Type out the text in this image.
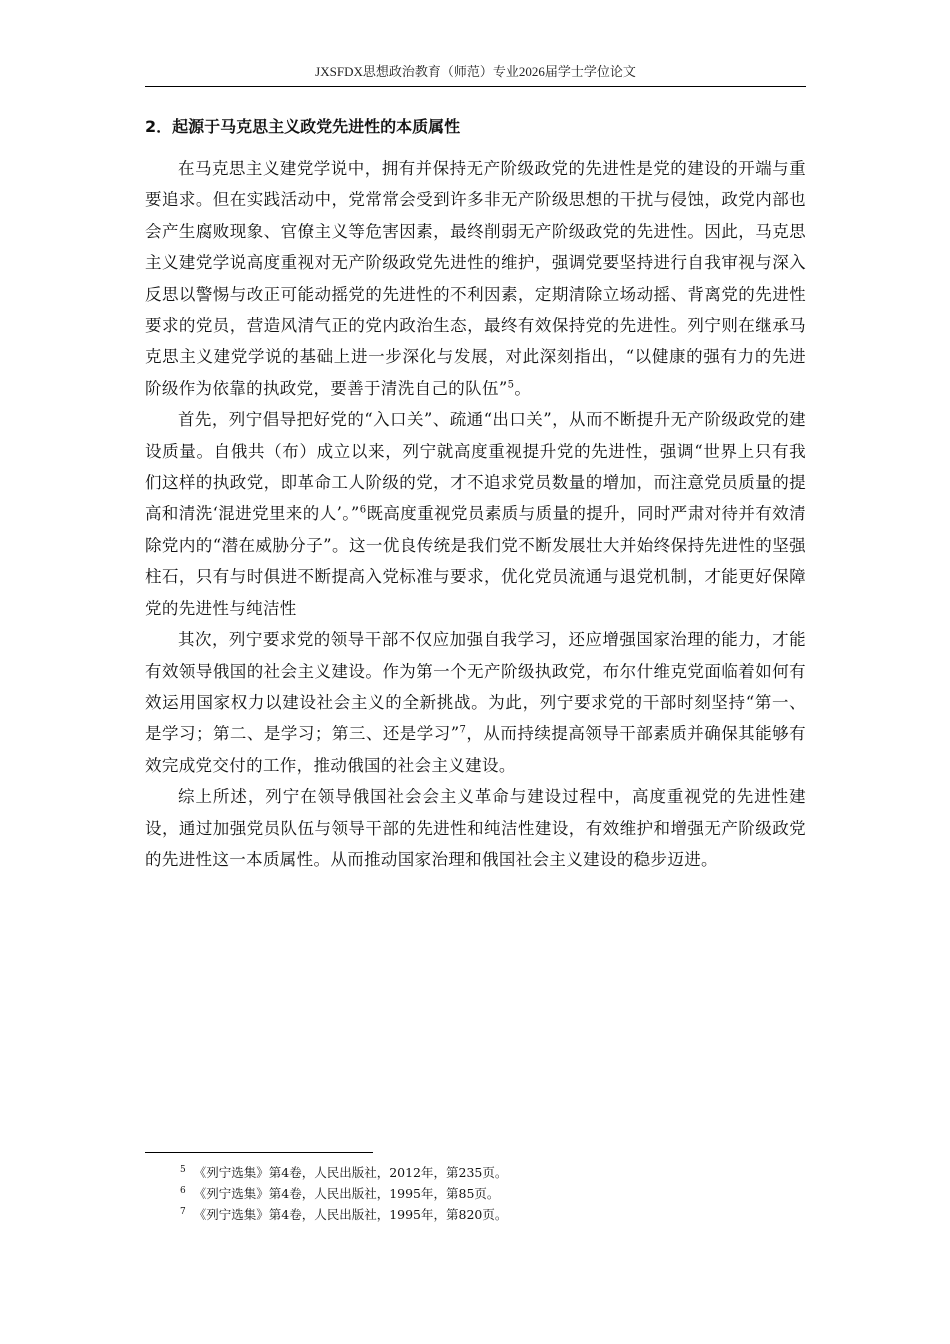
JXSFDX思想政治教育（师范）专业2026届学士学位论文
2．起源于马克思主义政党先进性的本质属性

在马克思主义建党学说中，拥有并保持无产阶级政党的先进性是党的建设的开端与重要追求。但在实践活动中，党常常会受到许多非无产阶级思想的干扰与侵蚀，政党内部也会产生腐败现象、官僚主义等危害因素，最终削弱无产阶级政党的先进性。因此，马克思主义建党学说高度重视对无产阶级政党先进性的维护，强调党要坚持进行自我审视与深入反思以警惕与改正可能动摇党的先进性的不利因素，定期清除立场动摇、背离党的先进性要求的党员，营造风清气正的党内政治生态，最终有效保持党的先进性。列宁则在继承马克思主义建党学说的基础上进一步深化与发展，对此深刻指出，“以健康的强有力的先进阶级作为依靠的执政党，要善于清洗自己的队伍”$^5$。

首先，列宁倡导把好党的“入口关”、疏通“出口关”，从而不断提升无产阶级政党的建设质量。自俄共（布）成立以来，列宁就高度重视提升党的先进性，强调“世界上只有我们这样的执政党，即革命工人阶级的党，才不追求党员数量的增加，而注意党员质量的提高和清洗‘混进党里来的人’。”$^6$既高度重视党员素质与质量的提升，同时严肃对待并有效清除党内的“潜在威胁分子”。这一优良传统是我们党不断发展壮大并始终保持先进性的坚强柱石，只有与时俱进不断提高入党标准与要求，优化党员流通与退党机制，才能更好保障党的先进性与纯洁性

其次，列宁要求党的领导干部不仅应加强自我学习，还应增强国家治理的能力，才能有效领导俄国的社会主义建设。作为第一个无产阶级执政党，布尔什维克党面临着如何有效运用国家权力以建设社会主义的全新挑战。为此，列宁要求党的干部时刻坚持“第一、是学习；第二、是学习；第三、还是学习”$^7$，从而持续提高领导干部素质并确保其能够有效完成党交付的工作，推动俄国的社会主义建设。

综上所述，列宁在领导俄国社会会主义革命与建设过程中，高度重视党的先进性建设，通过加强党员队伍与领导干部的先进性和纯洁性建设，有效维护和增强无产阶级政党的先进性这一本质属性。从而推动国家治理和俄国社会主义建设的稳步迈进。

$^5$ 《列宁选集》第4卷，人民出版社，2012年，第235页。
$^6$ 《列宁选集》第4卷，人民出版社，1995年，第85页。
$^7$ 《列宁选集》第4卷，人民出版社，1995年，第820页。
